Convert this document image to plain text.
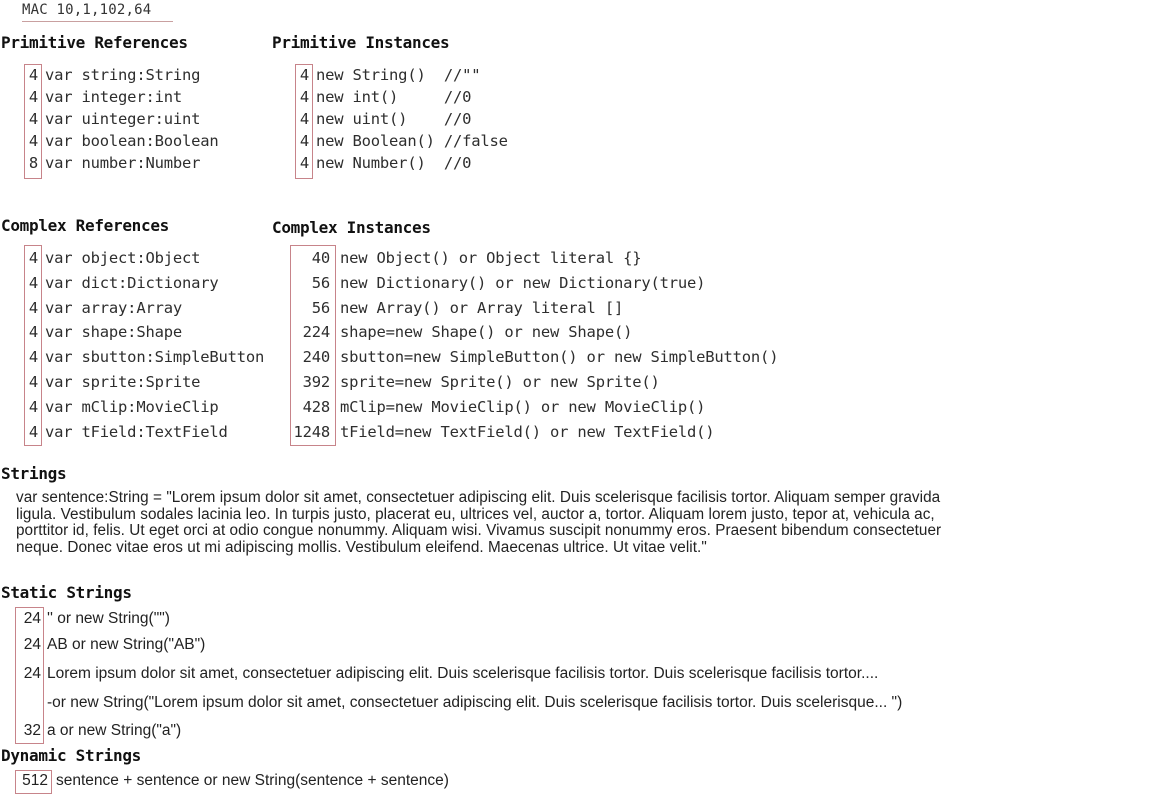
MAC 10,1,102,64
Primitive References
4 var string:String
4 var integer:int
4 var uinteger:uint
4 var boolean:Boolean
8 var number:Number
Primitive Instances
4 new String()  //""
4 new int()     //0
4 new uint()    //0
4 new Boolean() //false
4 new Number()  //0
Complex References
4 var object:Object
4 var dict:Dictionary
4 var array:Array
4 var shape:Shape
4 var sbutton:SimpleButton
4 var sprite:Sprite
4 var mClip:MovieClip
4 var tField:TextField
Complex Instances
40 new Object() or Object literal {}
56 new Dictionary() or new Dictionary(true)
56 new Array() or Array literal []
224 shape=new Shape() or new Shape()
240 sbutton=new SimpleButton() or new SimpleButton()
392 sprite=new Sprite() or new Sprite()
428 mClip=new MovieClip() or new MovieClip()
1248 tField=new TextField() or new TextField()
Strings
var sentence:String = "Lorem ipsum dolor sit amet, consectetuer adipiscing elit. Duis scelerisque facilisis tortor. Aliquam semper gravida
ligula. Vestibulum sodales lacinia leo. In turpis justo, placerat eu, ultrices vel, auctor a, tortor. Aliquam lorem justo, tepor at, vehicula ac,
porttitor id, felis. Ut eget orci at odio congue nonummy. Aliquam wisi. Vivamus suscipit nonummy eros. Praesent bibendum consectetuer
neque. Donec vitae eros ut mi adipiscing mollis. Vestibulum eleifend. Maecenas ultrice. Ut vitae velit."
Static Strings
24 '' or new String("")
24 AB or new String("AB")
24 Lorem ipsum dolor sit amet, consectetuer adipiscing elit. Duis scelerisque facilisis tortor. Duis scelerisque facilisis tortor....
-or new String("Lorem ipsum dolor sit amet, consectetuer adipiscing elit. Duis scelerisque facilisis tortor. Duis scelerisque... ")
32 a or new String("a")
Dynamic Strings
512 sentence + sentence or new String(sentence + sentence)
